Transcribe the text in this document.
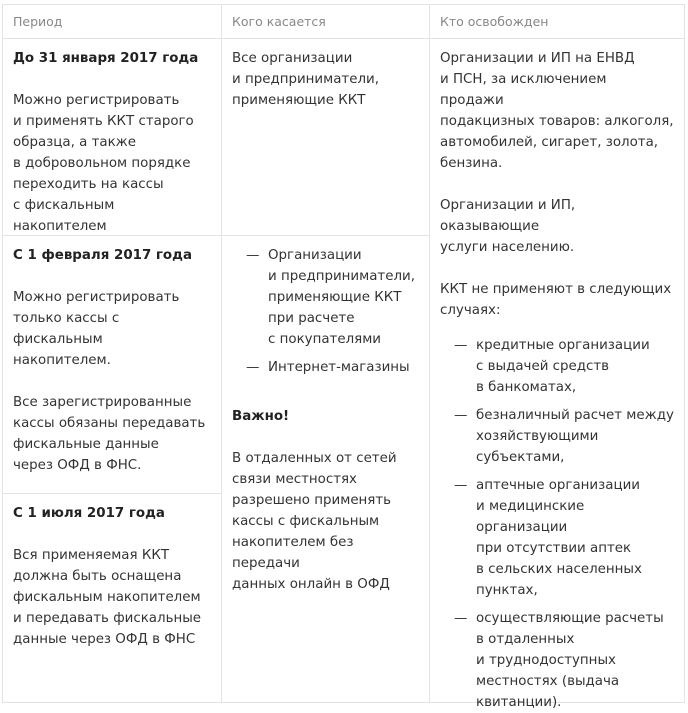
Период	Кого касается	Кто освобожден
До 31 января 2017 года
Можно регистрировать
и применять ККТ старого
образца, а также
в добровольном порядке
переходить на кассы
с фискальным накопителем
С 1 февраля 2017 года
Можно регистрировать
только кассы с фискальным
накопителем.
Все зарегистрированные
кассы обязаны передавать
фискальные данные
через ОФД в ФНС.
С 1 июля 2017 года
Вся применяемая ККТ
должна быть оснащена
фискальным накопителем
и передавать фискальные
данные через ОФД в ФНС
Все организации
и предприниматели,
применяющие ККТ
— Организации
и предприниматели,
применяющие ККТ
при расчете
с покупателями
— Интернет-магазины
Важно!
В отдаленных от сетей
связи местностях
разрешено применять
кассы с фискальным
накопителем без передачи
данных онлайн в ОФД
Организации и ИП на ЕНВД
и ПСН, за исключением продажи
подакцизных товаров: алкоголя,
автомобилей, сигарет, золота,
бензина.
Организации и ИП, оказывающие
услуги населению.
ККТ не применяют в следующих
случаях:
— кредитные организации
с выдачей средств
в банкоматах,
— безналичный расчет между
хозяйствующими
субъектами,
— аптечные организации
и медицинские организации
при отсутствии аптек
в сельских населенных
пунктах,
— осуществляющие расчеты
в отдаленных
и труднодоступных
местностях (выдача
квитанции).
